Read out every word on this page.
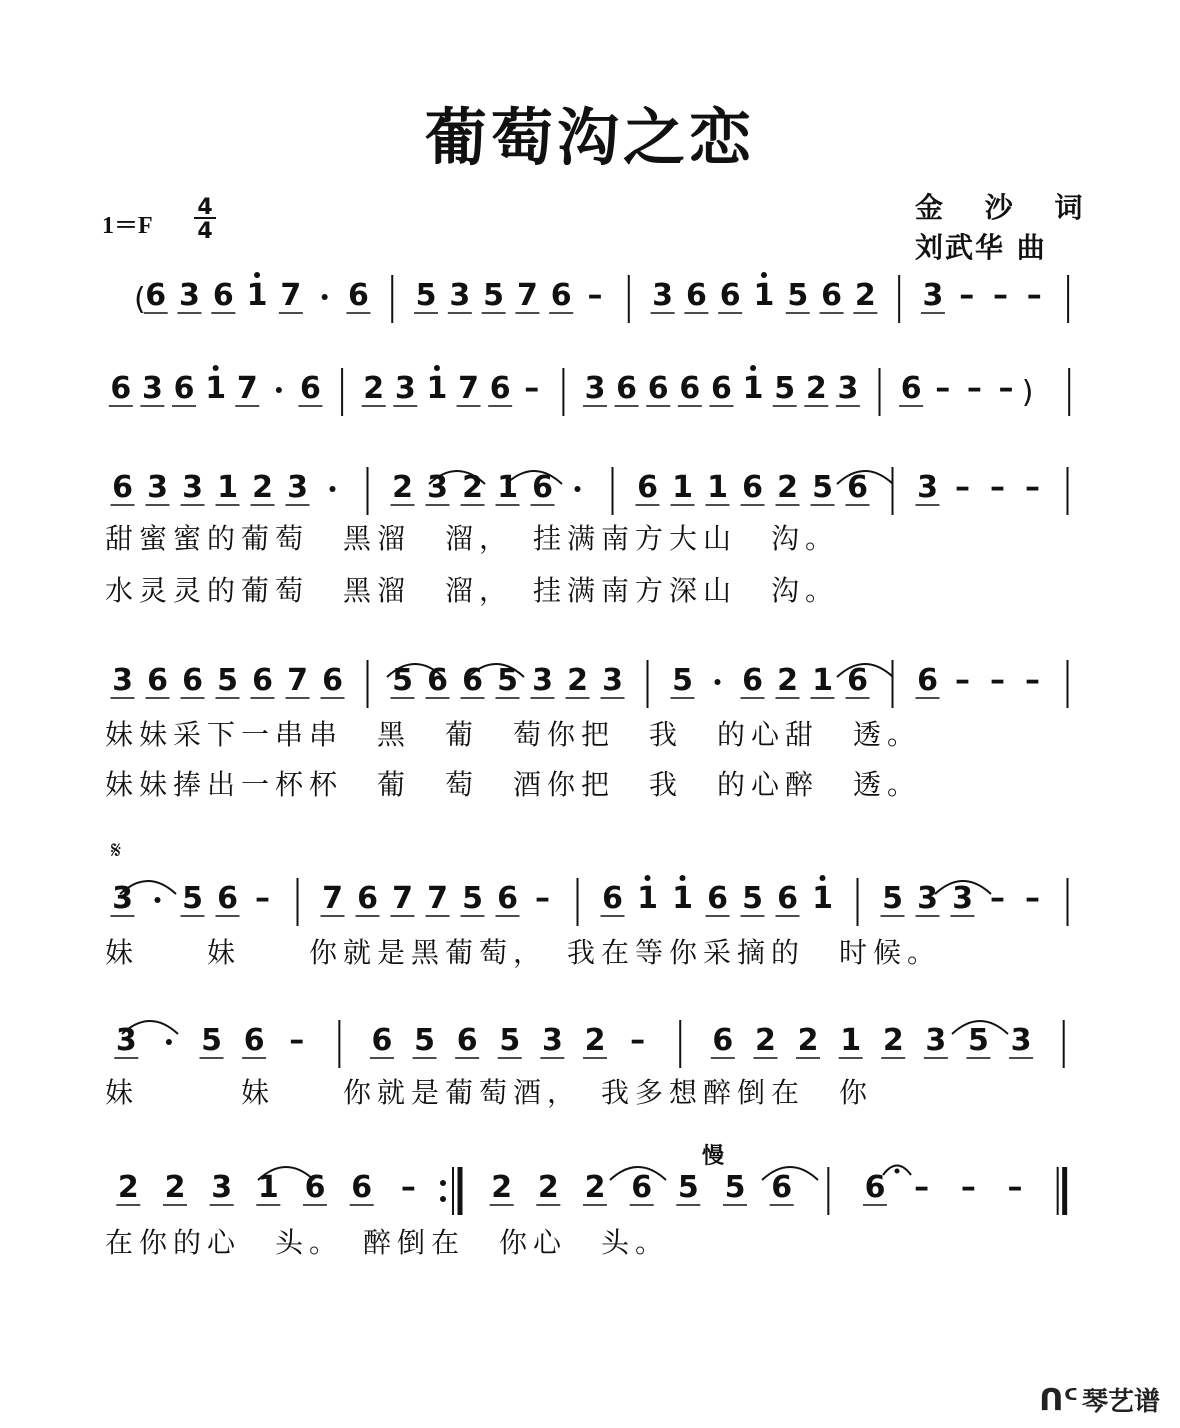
葡萄沟之恋
1＝F
金 沙 词
刘武华 曲
4
4
( 6 3 6 1 7 6 5 3 5 7 6 – 3 6 6 1 5 6 2 3 – – –
6 3 6 1 7 6 2 3 1 7 6 – 3 6 6 6 6 1 5 2 3 6 – – – )
6 3 3 1 2 3	2 3 2 1 6	6 1 1 6 2 5 6 3 – – –
甜蜜蜜的葡萄　黑溜　溜，　挂满南方大山　沟。
水灵灵的葡萄　黑溜　溜，　挂满南方深山　沟。
3 6 6 5 6 7 6 5 6 6 5 3 2 3 5 6 2 1 6 6 – – –
妹妹采下一串串　黑　葡　萄你把　我　的心甜　透。
妹妹捧出一杯杯　葡　萄　酒你把　我　的心醉　透。
3 5 6 – 7 6 7 7 5 6 – 6 1 1 6 5 6 1 5 3 3 – –
妹　　妹　　你就是黑葡萄，　我在等你采摘的　时候。
3 5 6 – 6 5 6 5 3 2 – 6 2 2 1 2 3 5 3
妹　　　妹　　你就是葡萄酒，　我多想醉倒在　你
2 2 3 1 6 6 –	2 2 2 6 5 5 6 6 – – –
在你的心　头。　醉倒在　你心　头。
𝄋
慢
ᑎᑦ 琴艺谱
